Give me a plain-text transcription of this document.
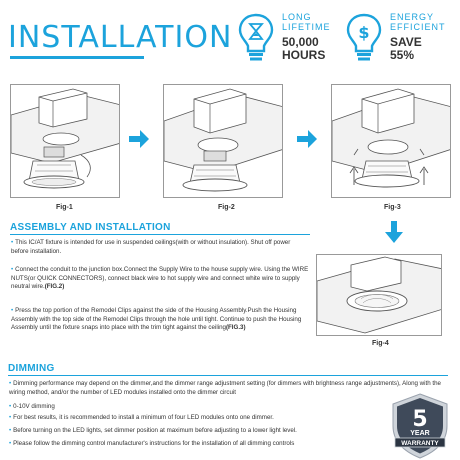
INSTALLATION
LONG
LIFETIME
50,000
HOURS
$
ENERGY
EFFICIENT
SAVE
55%
Fig-1	Fig-2	Fig-3
Fig-4
ASSEMBLY AND INSTALLATION
• This IC/AT fixture is intended for use in suspended ceilings(with or without insulation). Shut off power before installation.
• Connect the conduit to the junction box.Connect the Supply Wire to the house supply wire. Using the WIRE NUTS(or QUICK CONNECTORS), connect black wire to hot supply wire and connect white wire to supply neutral wire.(FIG.2)
• Press the top portion of the Remodel Clips against the side of the Housing Assembly.Push the Housing Assembly with the top side of the Remodel Clips through the hole until tight. Continue to push the Housing Assembly until the fixture snaps into place with the trim tight against the ceiling(FIG.3)
DIMMING
• Dimming performance may depend on the dimmer,and the dimmer range adjustment setting (for dimmers with brightness range adjustments), Along with the wiring method, and/or the number of LED modules installed onto the dimmer circuit
• 0-10V dimming
• For best results, it is recommended to install a minimum of four LED modules onto one dimmer.
• Before turning on the LED lights, set dimmer position at maximum before adjusting to a lower light level.
• Please follow the dimming control manufacturer's instructions for the installation of all dimming controls
5
YEAR
WARRANTY
